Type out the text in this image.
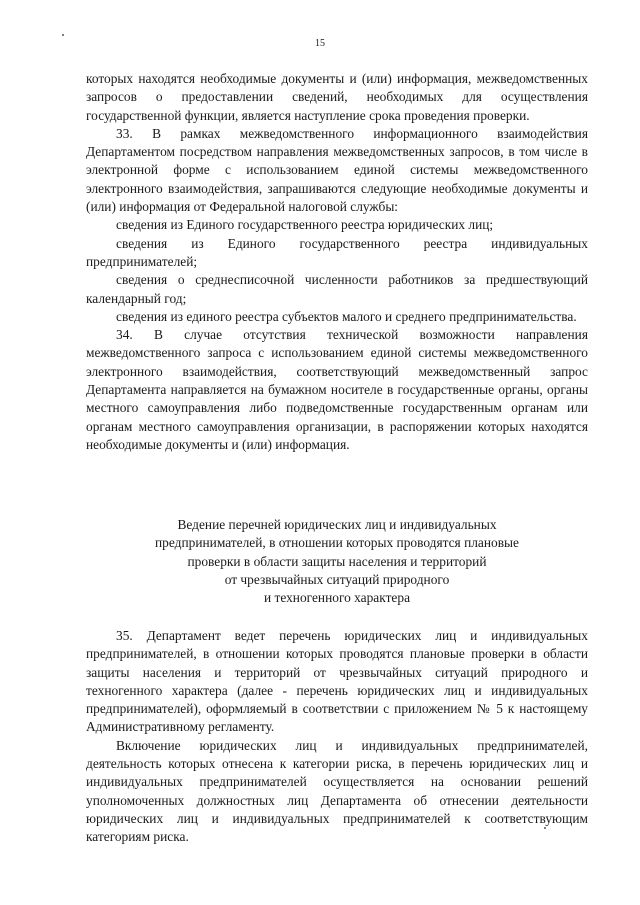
15

которых находятся необходимые документы и (или) информация, межведомственных запросов о предоставлении сведений, необходимых для осуществления государственной функции, является наступление срока проведения проверки.

33. В рамках межведомственного информационного взаимодействия Департаментом посредством направления межведомственных запросов, в том числе в электронной форме с использованием единой системы межведомственного электронного взаимодействия, запрашиваются следующие необходимые документы и (или) информация от Федеральной налоговой службы:

сведения из Единого государственного реестра юридических лиц;

сведения из Единого государственного реестра индивидуальных предпринимателей;

сведения о среднесписочной численности работников за предшествующий календарный год;

сведения из единого реестра субъектов малого и среднего предпринимательства.

34. В случае отсутствия технической возможности направления межведомственного запроса с использованием единой системы межведомственного электронного взаимодействия, соответствующий межведомственный запрос Департамента направляется на бумажном носителе в государственные органы, органы местного самоуправления либо подведомственные государственным органам или органам местного самоуправления организации, в распоряжении которых находятся необходимые документы и (или) информация.

Ведение перечней юридических лиц и индивидуальных
предпринимателей, в отношении которых проводятся плановые
проверки в области защиты населения и территорий
от чрезвычайных ситуаций природного
и техногенного характера

35. Департамент ведет перечень юридических лиц и индивидуальных предпринимателей, в отношении которых проводятся плановые проверки в области защиты населения и территорий от чрезвычайных ситуаций природного и техногенного характера (далее - перечень юридических лиц и индивидуальных предпринимателей), оформляемый в соответствии с приложением № 5 к настоящему Административному регламенту.

Включение юридических лиц и индивидуальных предпринимателей, деятельность которых отнесена к категории риска, в перечень юридических лиц и индивидуальных предпринимателей осуществляется на основании решений уполномоченных должностных лиц Департамента об отнесении деятельности юридических лиц и индивидуальных предпринимателей к соответствующим категориям риска.
